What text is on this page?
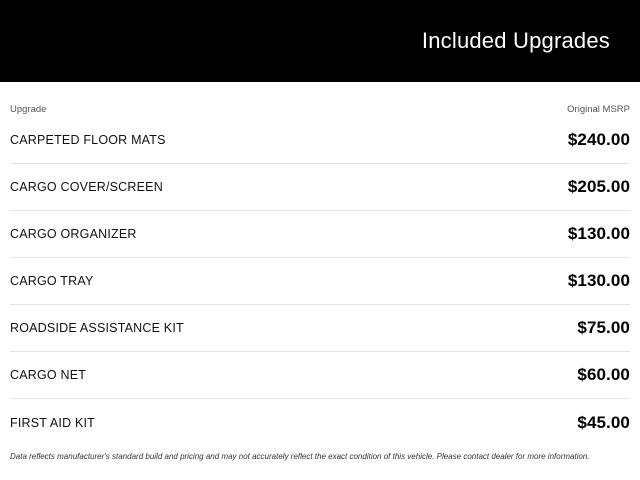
Included Upgrades
Upgrade	Original MSRP
CARPETED FLOOR MATS	$240.00
CARGO COVER/SCREEN	$205.00
CARGO ORGANIZER	$130.00
CARGO TRAY	$130.00
ROADSIDE ASSISTANCE KIT	$75.00
CARGO NET	$60.00
FIRST AID KIT	$45.00
Data reflects manufacturer's standard build and pricing and may not accurately reflect the exact condition of this vehicle. Please contact dealer for more information.
